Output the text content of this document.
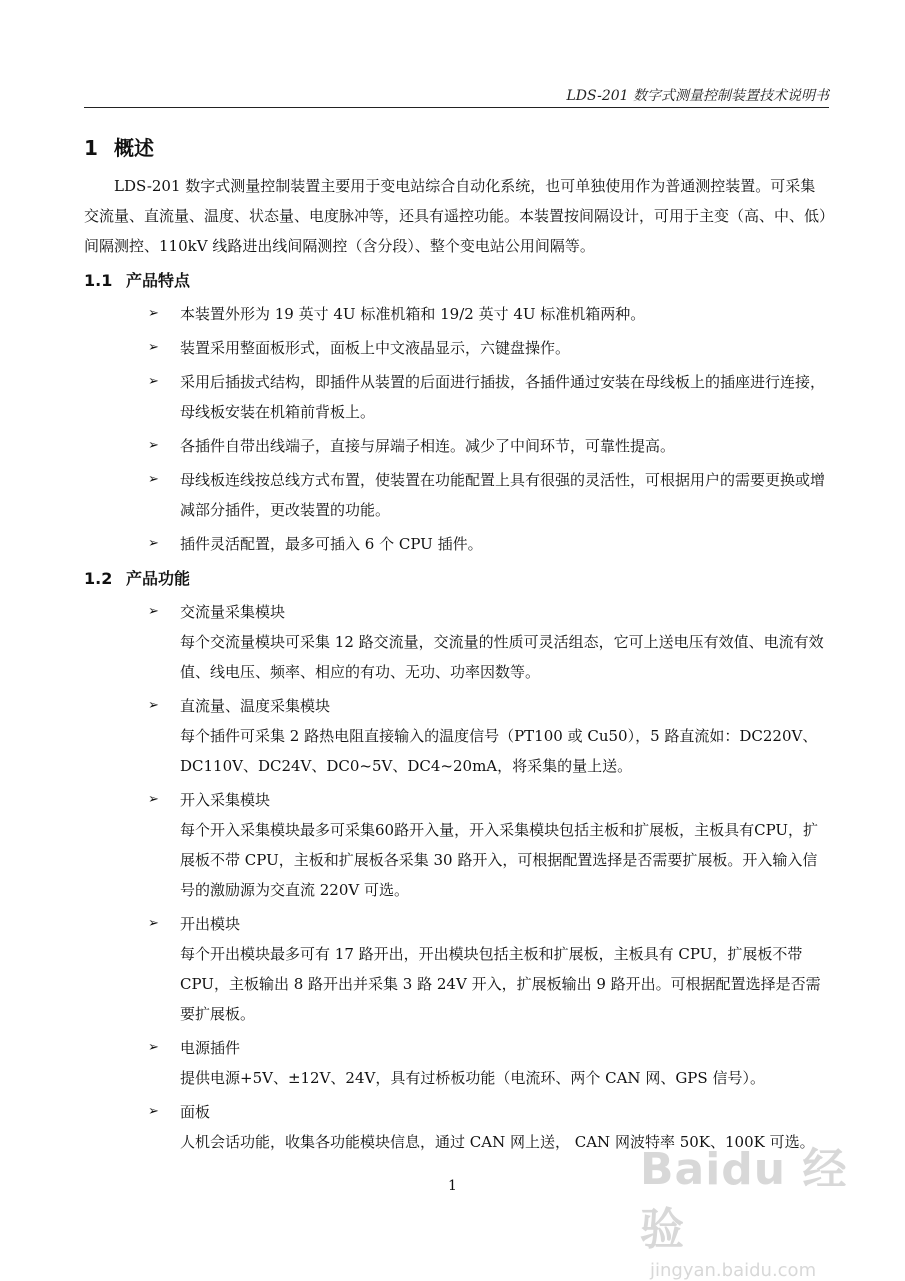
LDS-201 数字式测量控制装置技术说明书
1 概述

LDS-201 数字式测量控制装置主要用于变电站综合自动化系统，也可单独使用作为普通测控装置。可采集交流量、直流量、温度、状态量、电度脉冲等，还具有遥控功能。本装置按间隔设计，可用于主变（高、中、低）间隔测控、110kV 线路进出线间隔测控（含分段）、整个变电站公用间隔等。

1.1 产品特点
➢ 本装置外形为 19 英寸 4U 标准机箱和 19/2 英寸 4U 标准机箱两种。
➢ 装置采用整面板形式，面板上中文液晶显示，六键盘操作。
➢ 采用后插拔式结构，即插件从装置的后面进行插拔，各插件通过安装在母线板上的插座进行连接，母线板安装在机箱前背板上。
➢ 各插件自带出线端子，直接与屏端子相连。减少了中间环节，可靠性提高。
➢ 母线板连线按总线方式布置，使装置在功能配置上具有很强的灵活性，可根据用户的需要更换或增减部分插件，更改装置的功能。
➢ 插件灵活配置，最多可插入 6 个 CPU 插件。
1.2 产品功能
➢ 交流量采集模块
每个交流量模块可采集 12 路交流量，交流量的性质可灵活组态，它可上送电压有效值、电流有效值、线电压、频率、相应的有功、无功、功率因数等。
➢ 直流量、温度采集模块
每个插件可采集 2 路热电阻直接输入的温度信号（PT100 或 Cu50），5 路直流如：DC220V、DC110V、DC24V、DC0~5V、DC4~20mA，将采集的量上送。
➢ 开入采集模块
每个开入采集模块最多可采集60路开入量，开入采集模块包括主板和扩展板，主板具有CPU，扩展板不带 CPU，主板和扩展板各采集 30 路开入，可根据配置选择是否需要扩展板。开入输入信号的激励源为交直流 220V 可选。
➢ 开出模块
每个开出模块最多可有 17 路开出，开出模块包括主板和扩展板，主板具有 CPU，扩展板不带 CPU，主板输出 8 路开出并采集 3 路 24V 开入，扩展板输出 9 路开出。可根据配置选择是否需要扩展板。
➢ 电源插件
提供电源+5V、±12V、24V，具有过桥板功能（电流环、两个 CAN 网、GPS 信号）。
➢ 面板
人机会话功能，收集各功能模块信息，通过 CAN 网上送， CAN 网波特率 50K、100K 可选。
1	Baidu 经验
jingyan.baidu.com
